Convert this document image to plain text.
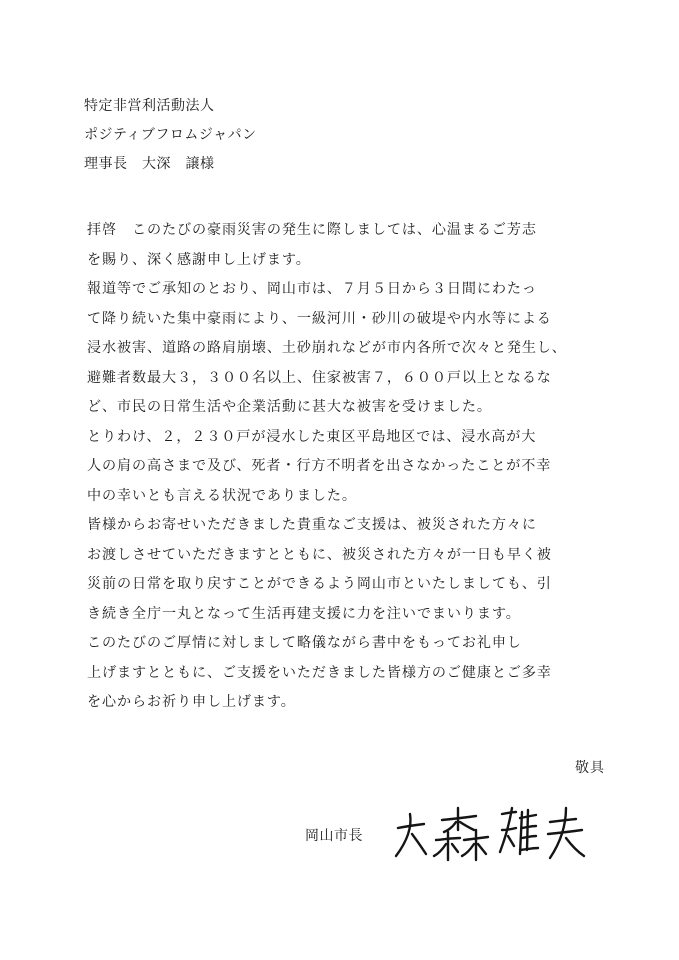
特定非営利活動法人
ポジティブフロムジャパン
理事長　大深　譲様

拝啓　このたびの豪雨災害の発生に際しましては、心温まるご芳志
を賜り、深く感謝申し上げます。

報道等でご承知のとおり、岡山市は、７月５日から３日間にわたっ
て降り続いた集中豪雨により、一級河川・砂川の破堤や内水等による
浸水被害、道路の路肩崩壊、土砂崩れなどが市内各所で次々と発生し、
避難者数最大３，３００名以上、住家被害７，６００戸以上となるな
ど、市民の日常生活や企業活動に甚大な被害を受けました。

とりわけ、２，２３０戸が浸水した東区平島地区では、浸水高が大
人の肩の高さまで及び、死者・行方不明者を出さなかったことが不幸
中の幸いとも言える状況でありました。

皆様からお寄せいただきました貴重なご支援は、被災された方々に
お渡しさせていただきますとともに、被災された方々が一日も早く被
災前の日常を取り戻すことができるよう岡山市といたしましても、引
き続き全庁一丸となって生活再建支援に力を注いでまいります。

このたびのご厚情に対しまして略儀ながら書中をもってお礼申し
上げますとともに、ご支援をいただきました皆様方のご健康とご多幸
を心からお祈り申し上げます。

敬具
岡山市長
